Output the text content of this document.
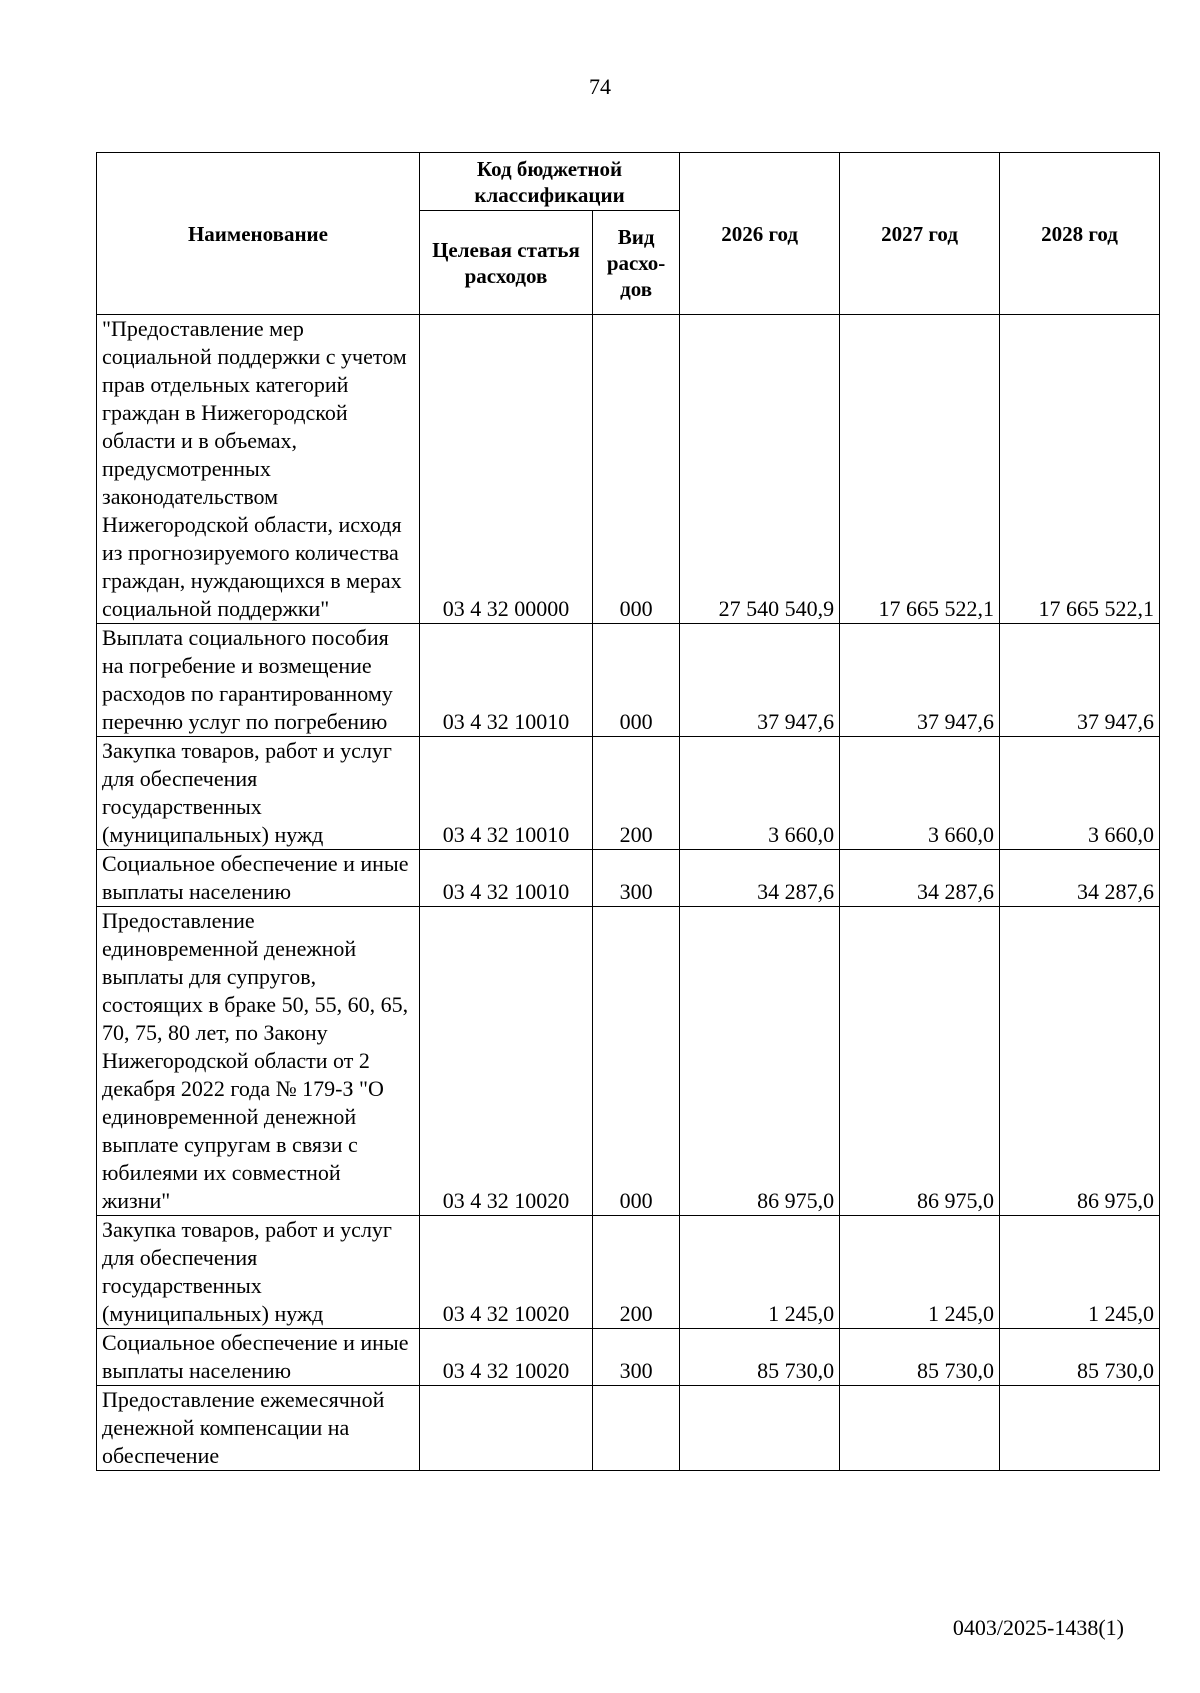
74
Наименование	Код бюджетной классификации		2026 год	2027 год	2028 год
	Целевая статья расходов	Вид расхо-дов			
"Предоставление мер социальной поддержки с учетом прав отдельных категорий граждан в Нижегородской области и в объемах, предусмотренных законодательством Нижегородской области, исходя из прогнозируемого количества граждан, нуждающихся в мерах социальной поддержки"	03 4 32 00000	000	27 540 540,9	17 665 522,1	17 665 522,1
Выплата социального пособия на погребение и возмещение расходов по гарантированному перечню услуг по погребению	03 4 32 10010	000	37 947,6	37 947,6	37 947,6
Закупка товаров, работ и услуг для обеспечения государственных (муниципальных) нужд	03 4 32 10010	200	3 660,0	3 660,0	3 660,0
Социальное обеспечение и иные выплаты населению	03 4 32 10010	300	34 287,6	34 287,6	34 287,6
Предоставление единовременной денежной выплаты для супругов, состоящих в браке 50, 55, 60, 65, 70, 75, 80 лет, по Закону Нижегородской области от 2 декабря 2022 года № 179-З "О единовременной денежной выплате супругам в связи с юбилеями их совместной жизни"	03 4 32 10020	000	86 975,0	86 975,0	86 975,0
Закупка товаров, работ и услуг для обеспечения государственных (муниципальных) нужд	03 4 32 10020	200	1 245,0	1 245,0	1 245,0
Социальное обеспечение и иные выплаты населению	03 4 32 10020	300	85 730,0	85 730,0	85 730,0
Предоставление ежемесячной денежной компенсации на обеспечение					
0403/2025-1438(1)
